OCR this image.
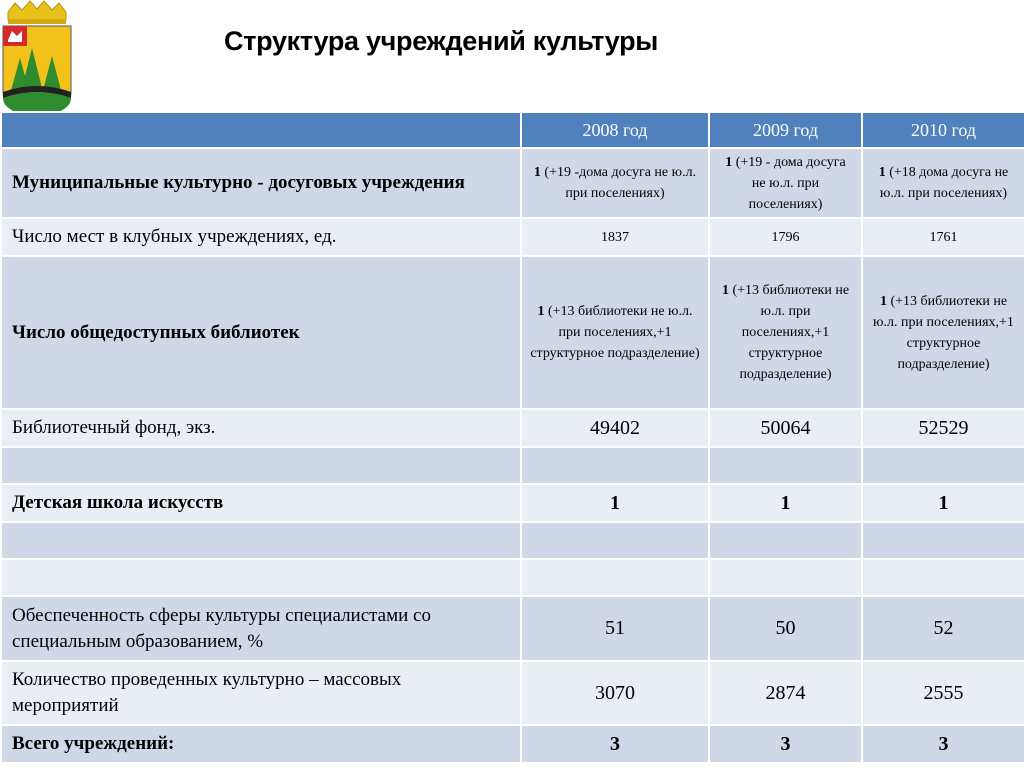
Структура учреждений культуры
	2008 год	2009 год	2010 год
Муниципальные культурно - досуговых учреждения	1 (+19 -дома досуга не ю.л. при поселениях)	1 (+19 - дома досуга не ю.л. при поселениях)	1 (+18 дома досуга не ю.л. при поселениях)
Число мест в клубных учреждениях, ед.	1837	1796	1761
Число общедоступных библиотек	1 (+13 библиотеки не ю.л. при поселениях,+1 структурное подразделение)	1 (+13 библиотеки не ю.л. при поселениях,+1 структурное подразделение)	1 (+13 библиотеки не ю.л. при поселениях,+1 структурное подразделение)
Библиотечный фонд, экз.	49402	50064	52529

Детская школа искусств	1	1	1

Обеспеченность сферы культуры специалистами со специальным образованием, %	51	50	52
Количество проведенных культурно – массовых мероприятий	3070	2874	2555
Всего учреждений:	3	3	3
